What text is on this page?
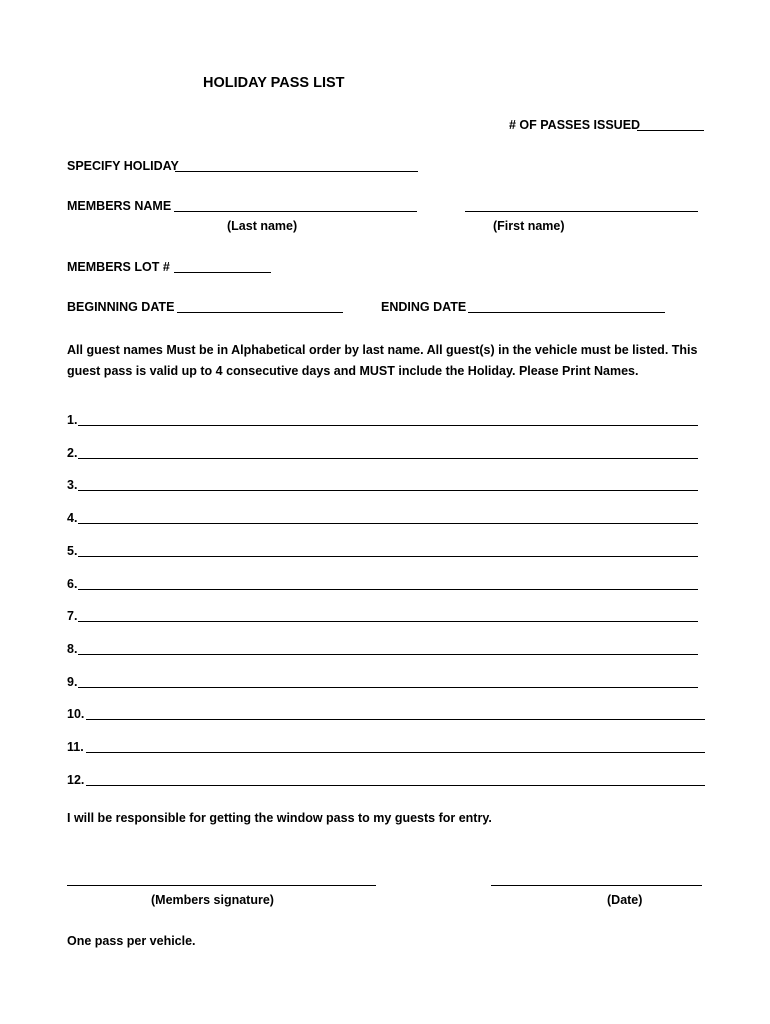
HOLIDAY PASS LIST
# OF PASSES ISSUED
SPECIFY HOLIDAY
MEMBERS NAME
(Last name)	(First name)
MEMBERS LOT #
BEGINNING DATE	ENDING DATE
All guest names Must be in Alphabetical order by last name. All guest(s) in the vehicle must be listed. This guest pass is valid up to 4 consecutive days and MUST include the Holiday. Please Print Names.
1.
2.
3.
4.
5.
6.
7.
8.
9.
10.
11.
12.
I will be responsible for getting the window pass to my guests for entry.
(Members signature)	(Date)
One pass per vehicle.
